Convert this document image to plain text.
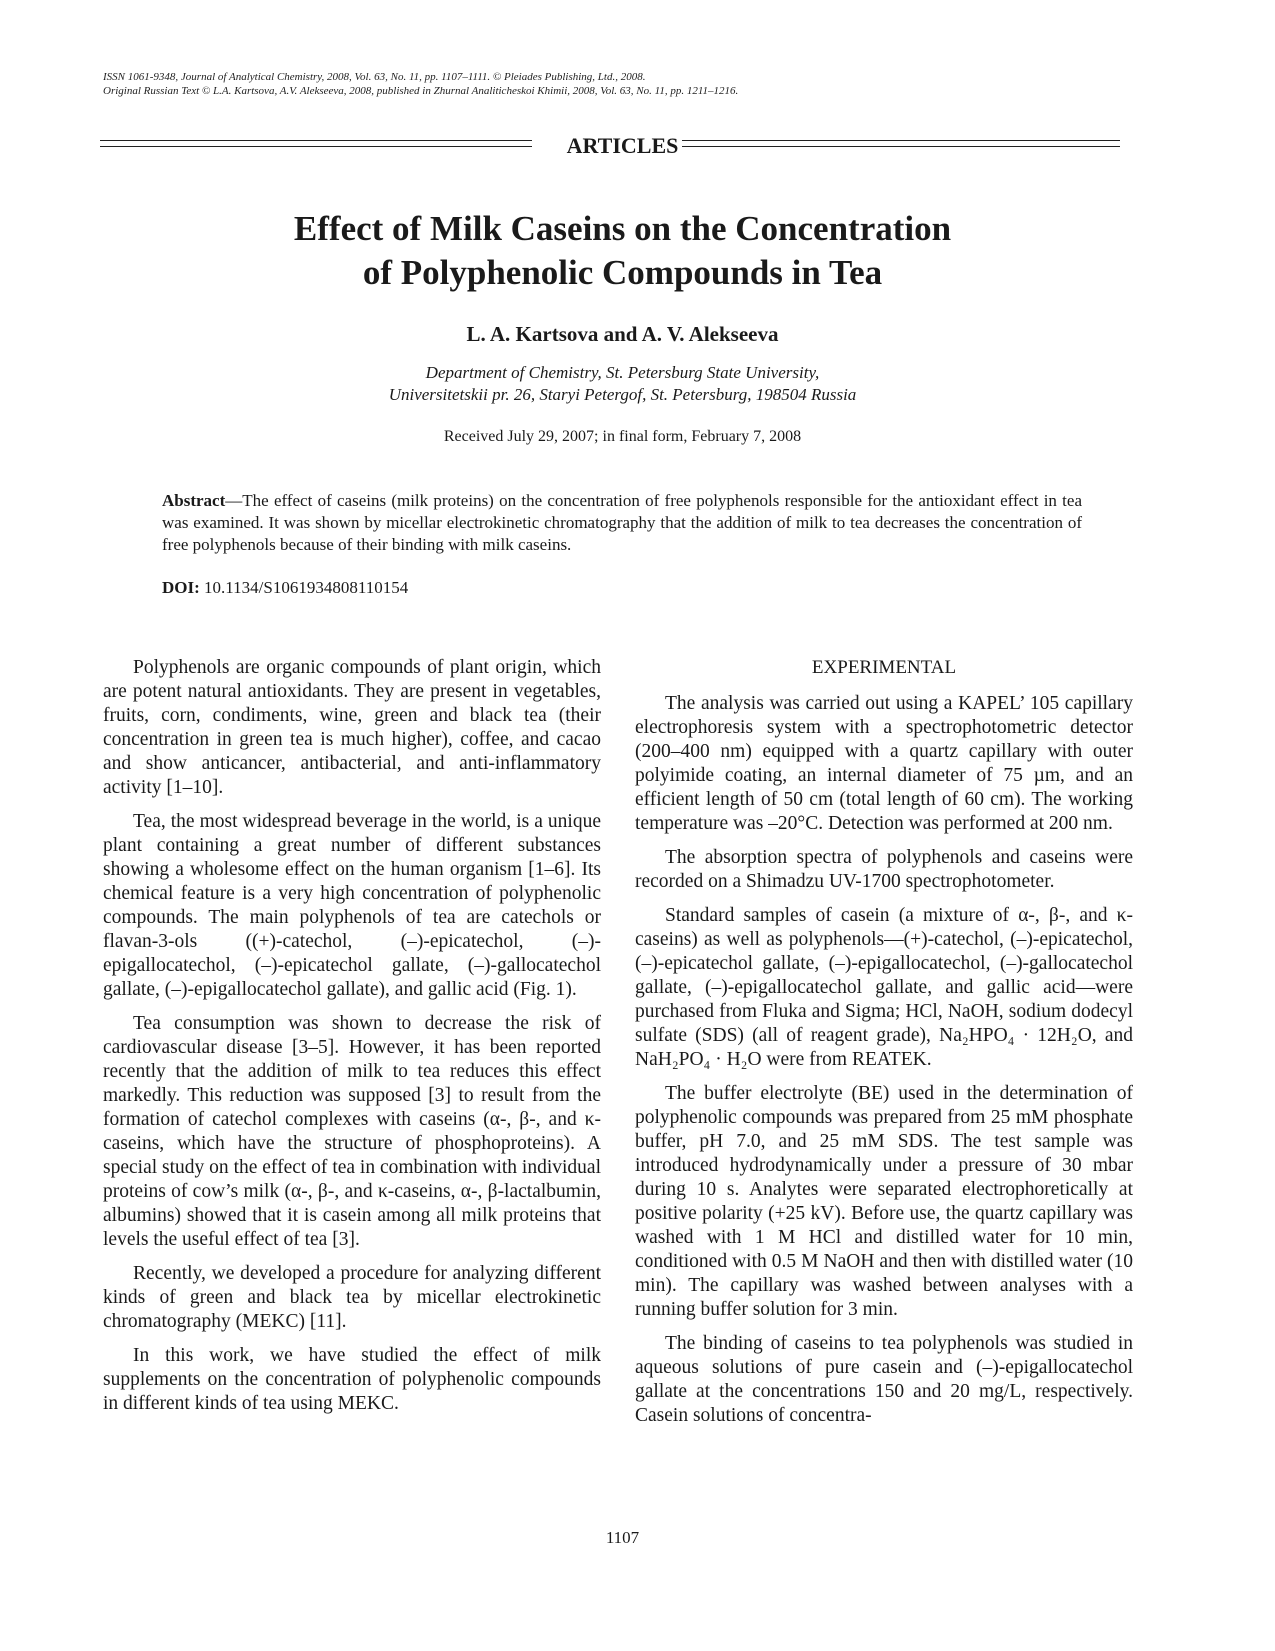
ISSN 1061-9348, Journal of Analytical Chemistry, 2008, Vol. 63, No. 11, pp. 1107–1111. © Pleiades Publishing, Ltd., 2008.
Original Russian Text © L.A. Kartsova, A.V. Alekseeva, 2008, published in Zhurnal Analiticheskoi Khimii, 2008, Vol. 63, No. 11, pp. 1211–1216.
ARTICLES
Effect of Milk Caseins on the Concentration
of Polyphenolic Compounds in Tea
L. A. Kartsova and A. V. Alekseeva
Department of Chemistry, St. Petersburg State University,
Universitetskii pr. 26, Staryi Petergof, St. Petersburg, 198504 Russia
Received July 29, 2007; in final form, February 7, 2008
Abstract—The effect of caseins (milk proteins) on the concentration of free polyphenols responsible for the antioxidant effect in tea was examined. It was shown by micellar electrokinetic chromatography that the addition of milk to tea decreases the concentration of free polyphenols because of their binding with milk caseins.
DOI: 10.1134/S1061934808110154

Polyphenols are organic compounds of plant origin, which are potent natural antioxidants. They are present in vegetables, fruits, corn, condiments, wine, green and black tea (their concentration in green tea is much higher), coffee, and cacao and show anticancer, antibacterial, and anti-inflammatory activity [1–10].

Tea, the most widespread beverage in the world, is a unique plant containing a great number of different substances showing a wholesome effect on the human organism [1–6]. Its chemical feature is a very high concentration of polyphenolic compounds. The main polyphenols of tea are catechols or flavan-3-ols ((+)-catechol, (–)-epicatechol, (–)-epigallocatechol, (–)-epicatechol gallate, (–)-gallocatechol gallate, (–)-epigallocatechol gallate), and gallic acid (Fig. 1).

Tea consumption was shown to decrease the risk of cardiovascular disease [3–5]. However, it has been reported recently that the addition of milk to tea reduces this effect markedly. This reduction was supposed [3] to result from the formation of catechol complexes with caseins (α-, β-, and κ-caseins, which have the structure of phosphoproteins). A special study on the effect of tea in combination with individual proteins of cow’s milk (α-, β-, and κ-caseins, α-, β-lactalbumin, albumins) showed that it is casein among all milk proteins that levels the useful effect of tea [3].

Recently, we developed a procedure for analyzing different kinds of green and black tea by micellar electrokinetic chromatography (MEKC) [11].

In this work, we have studied the effect of milk supplements on the concentration of polyphenolic compounds in different kinds of tea using MEKC.

EXPERIMENTAL

The analysis was carried out using a KAPEL’ 105 capillary electrophoresis system with a spectrophotometric detector (200–400 nm) equipped with a quartz capillary with outer polyimide coating, an internal diameter of 75 µm, and an efficient length of 50 cm (total length of 60 cm). The working temperature was –20°C. Detection was performed at 200 nm.

The absorption spectra of polyphenols and caseins were recorded on a Shimadzu UV-1700 spectrophotometer.

Standard samples of casein (a mixture of α-, β-, and κ-caseins) as well as polyphenols—(+)-catechol, (–)-epicatechol, (–)-epicatechol gallate, (–)-epigallocatechol, (–)-gallocatechol gallate, (–)-epigallocatechol gallate, and gallic acid—were purchased from Fluka and Sigma; HCl, NaOH, sodium dodecyl sulfate (SDS) (all of reagent grade), Na₂HPO₄ · 12H₂O, and NaH₂PO₄ · H₂O were from REATEK.

The buffer electrolyte (BE) used in the determination of polyphenolic compounds was prepared from 25 mM phosphate buffer, pH 7.0, and 25 mM SDS. The test sample was introduced hydrodynamically under a pressure of 30 mbar during 10 s. Analytes were separated electrophoretically at positive polarity (+25 kV). Before use, the quartz capillary was washed with 1 M HCl and distilled water for 10 min, conditioned with 0.5 M NaOH and then with distilled water (10 min). The capillary was washed between analyses with a running buffer solution for 3 min.

The binding of caseins to tea polyphenols was studied in aqueous solutions of pure casein and (–)-epigallocatechol gallate at the concentrations 150 and 20 mg/L, respectively. Casein solutions of concentra-

1107
